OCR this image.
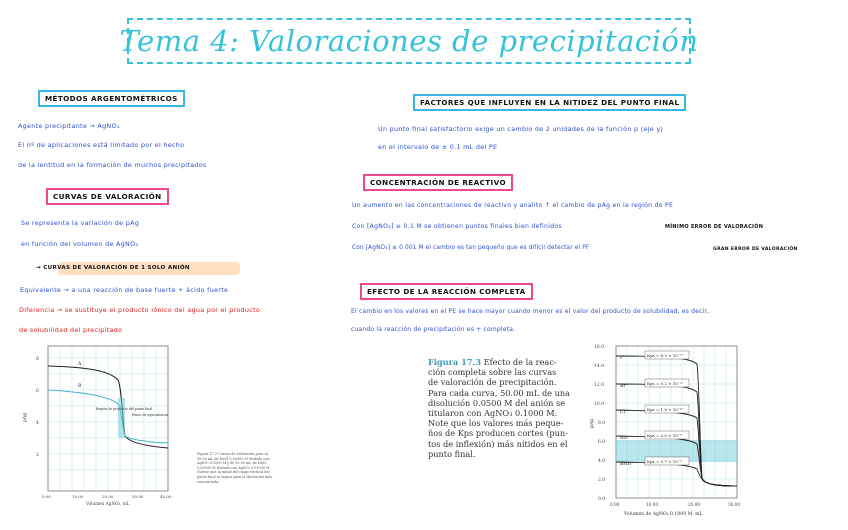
Tema 4: Valoraciones de precipitación
MÉTODOS ARGENTOMÉTRICOS
Agente precipitante → AgNO₃
El nº de aplicaciones está limitado por el hecho
de la lentitud en la formación de muchos precipitados
CURVAS DE VALORACIÓN
Se representa la variación de pAg
en función del volumen de AgNO₃
→ CURVAS DE VALORACIÓN DE 1 SOLO ANIÓN
Equivalente → a una reacción de base fuerte + ácido fuerte
Diferencia → se sustituye el producto iónico del agua por el producto
de solubilidad del precipitado
8
6
4
2
0.00	10.00	20.00	30.00	40.00
Volumen AgNO₃, mL
pAg
A
B
Región de producto del punto final
Punto de equivalencia
Figura 17.2 Curvas de valoración para A) 50.00 mL de NaCl 0.05000 M titulado con AgNO₃ 0.1000 M y B) 50.00 mL de NaCl 0.00500 M titulado con AgNO₃ 0.01000 M. Notese que la mitad del rango vertical del punto final es mayor para la disolución más concentrada.
FACTORES QUE INFLUYEN EN LA NITIDEZ DEL PUNTO FINAL
Un punto final satisfactorio exige un cambio de 2 unidades de la función p (eje y)
en el intervalo de ± 0.1 mL del PE
CONCENTRACIÓN DE REACTIVO
Un aumento en las concentraciones de reactivo y analito ↑ el cambio de pAg en la región de PE
Con [AgNO₃] ≥ 0.1 M se obtienen puntos finales bien definidos	MÍNIMO ERROR DE VALORACIÓN
Con [AgNO₃] ≤ 0.001 M el cambio es tan pequeño que es difícil detectar el PF	GRAN ERROR DE VALORACIÓN
EFECTO DE LA REACCIÓN COMPLETA
El cambio en los valores en el PE se hace mayor cuando menor es el valor del producto de solubilidad, es decir,
cuando la reacción de precipitación es + completa.
Figura 17.3 Efecto de la reac-
ción completa sobre las curvas
de valoración de precipitación.
Para cada curva, 50.00 mL de una
disolución 0.0500 M del anión se
titularon con AgNO₃ 0.1000 M.
Note que los valores más peque-
ños de Kps producen cortes (pun-
tos de inflexión) más nítidos en el
punto final.
16.0
14.0
12.0
10.0
8.0
6.0
4.0
2.0
0.0
0.00	10.00	20.00	30.00
Volumen de AgNO₃ 0.1000 M, mL
pAg
I⁻
Br⁻
Cl⁻
IO₃⁻
BrO₃⁻
Kps = 8.3 × 10⁻¹⁷
Kps = 5.2 × 10⁻¹³
Kps = 1.8 × 10⁻¹⁰
Kps = 3.0 × 10⁻⁸
Kps = 5.7 × 10⁻⁵
